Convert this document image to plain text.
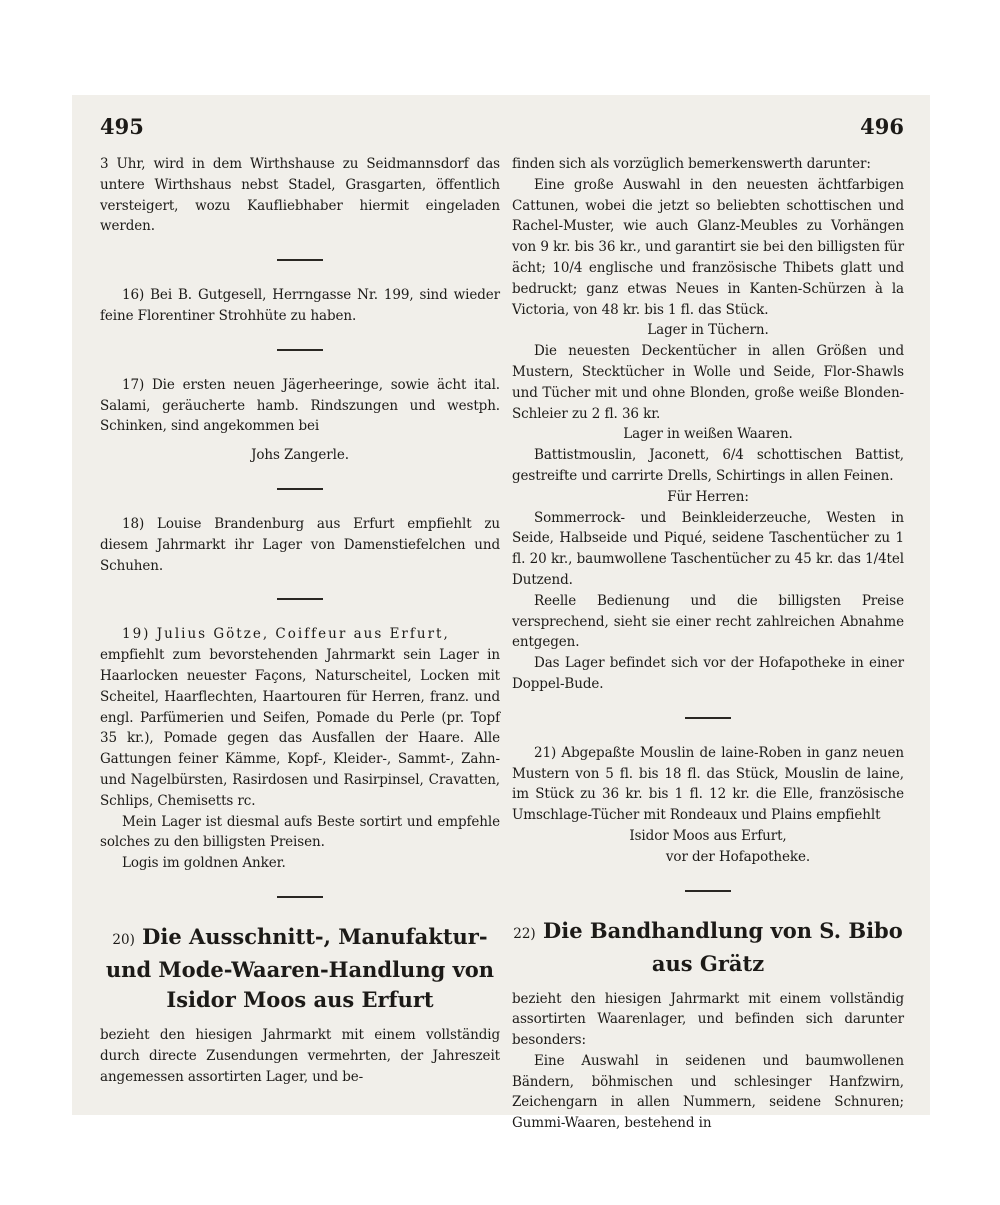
495

3 Uhr, wird in dem Wirthshause zu Seidmannsdorf das untere Wirthshaus nebst Stadel, Grasgarten, öffentlich versteigert, wozu Kaufliebhaber hiermit eingeladen werden.

16) Bei B. Gutgesell, Herrngasse Nr. 199, sind wieder feine Florentiner Strohhüte zu haben.

17) Die ersten neuen Jägerheeringe, sowie ächt ital. Salami, geräucherte hamb. Rindszungen und westph. Schinken, sind angekommen bei

Johs Zangerle.

18) Louise Brandenburg aus Erfurt empfiehlt zu diesem Jahrmarkt ihr Lager von Damenstiefelchen und Schuhen.

19) Julius Götze, Coiffeur aus Erfurt,

empfiehlt zum bevorstehenden Jahrmarkt sein Lager in Haarlocken neuester Façons, Naturscheitel, Locken mit Scheitel, Haarflechten, Haartouren für Herren, franz. und engl. Parfümerien und Seifen, Pomade du Perle (pr. Topf 35 kr.), Pomade gegen das Ausfallen der Haare. Alle Gattungen feiner Kämme, Kopf-, Kleider-, Sammt-, Zahn- und Nagelbürsten, Rasirdosen und Rasirpinsel, Cravatten, Schlips, Chemisetts rc.

Mein Lager ist diesmal aufs Beste sortirt und empfehle solches zu den billigsten Preisen.

Logis im goldnen Anker.

20) Die Ausschnitt-, Manufaktur- und Mode-Waaren-Handlung von Isidor Moos aus Erfurt

bezieht den hiesigen Jahrmarkt mit einem vollständig durch directe Zusendungen vermehrten, der Jahreszeit angemessen assortirten Lager, und be-

496

finden sich als vorzüglich bemerkenswerth darunter:

Eine große Auswahl in den neuesten ächtfarbigen Cattunen, wobei die jetzt so beliebten schottischen und Rachel-Muster, wie auch Glanz-Meubles zu Vorhängen von 9 kr. bis 36 kr., und garantirt sie bei den billigsten für ächt; 10/4 englische und französische Thibets glatt und bedruckt; ganz etwas Neues in Kanten-Schürzen à la Victoria, von 48 kr. bis 1 fl. das Stück.

Lager in Tüchern.

Die neuesten Deckentücher in allen Größen und Mustern, Stecktücher in Wolle und Seide, Flor-Shawls und Tücher mit und ohne Blonden, große weiße Blonden-Schleier zu 2 fl. 36 kr.

Lager in weißen Waaren.

Battistmouslin, Jaconett, 6/4 schottischen Battist, gestreifte und carrirte Drells, Schirtings in allen Feinen.

Für Herren:

Sommerrock- und Beinkleiderzeuche, Westen in Seide, Halbseide und Piqué, seidene Taschentücher zu 1 fl. 20 kr., baumwollene Taschentücher zu 45 kr. das 1/4tel Dutzend.

Reelle Bedienung und die billigsten Preise versprechend, sieht sie einer recht zahlreichen Abnahme entgegen.

Das Lager befindet sich vor der Hofapotheke in einer Doppel-Bude.

21) Abgepaßte Mouslin de laine-Roben in ganz neuen Mustern von 5 fl. bis 18 fl. das Stück, Mouslin de laine, im Stück zu 36 kr. bis 1 fl. 12 kr. die Elle, französische Umschlage-Tücher mit Rondeaux und Plains empfiehlt

Isidor Moos aus Erfurt,

vor der Hofapotheke.

22) Die Bandhandlung von S. Bibo aus Grätz

bezieht den hiesigen Jahrmarkt mit einem vollständig assortirten Waarenlager, und befinden sich darunter besonders:

Eine Auswahl in seidenen und baumwollenen Bändern, böhmischen und schlesinger Hanfzwirn, Zeichengarn in allen Nummern, seidene Schnuren; Gummi-Waaren, bestehend in
